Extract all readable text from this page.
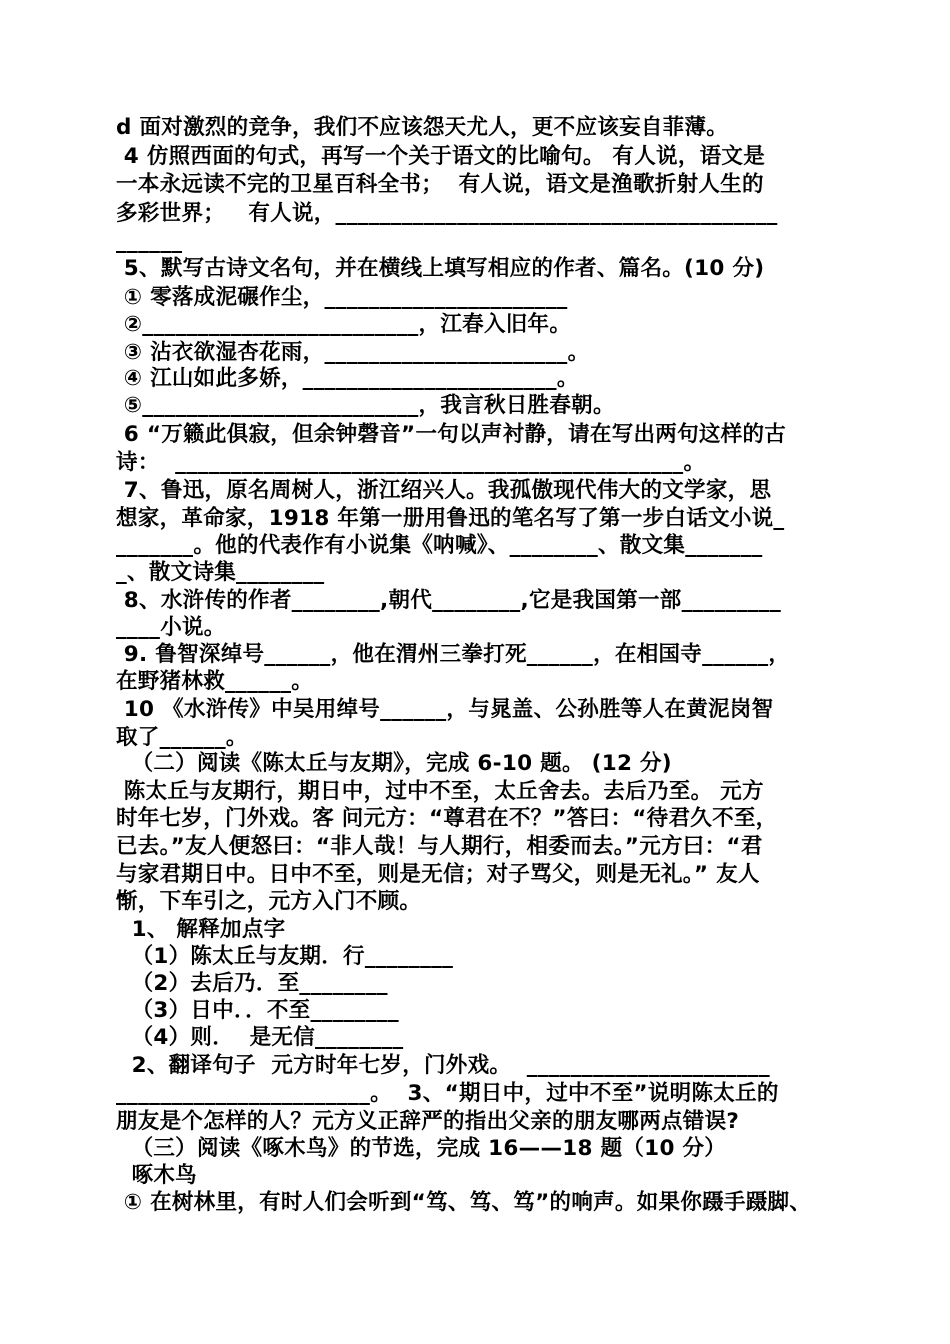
d 面对激烈的竞争，我们不应该怨天尤人，更不应该妄自菲薄。
4 仿照西面的句式，再写一个关于语文的比喻句。 有人说，语文是
一本永远读不完的卫星百科全书；  有人说，语文是渔歌折射人生的
多彩世界；   有人说，________________________________________
______
5、默写古诗文名句，并在横线上填写相应的作者、篇名。(10 分)
① 零落成泥碾作尘，______________________
②_________________________，江春入旧年。
③ 沾衣欲湿杏花雨，______________________。
④ 江山如此多娇，_______________________。
⑤_________________________，我言秋日胜春朝。
6 “万籁此俱寂，但余钟磬音”一句以声衬静，请在写出两句这样的古
诗：  ______________________________________________。
7、鲁迅，原名周树人，浙江绍兴人。我孤傲现代伟大的文学家，思
想家，革命家，1918 年第一册用鲁迅的笔名写了第一步白话文小说_
_______。他的代表作有小说集《呐喊》、________、散文集_______
_、散文诗集________
8、水浒传的作者________,朝代________,它是我国第一部_________
____小说。
9. 鲁智深绰号______，他在渭州三拳打死______，在相国寺______，
在野猪林救______。
10 《水浒传》中吴用绰号______，与晁盖、公孙胜等人在黄泥岗智
取了______。
（二）阅读《陈太丘与友期》，完成 6-10 题。 (12 分)
陈太丘与友期行，期日中，过中不至，太丘舍去。去后乃至。 元方
时年七岁，门外戏。客 问元方：“尊君在不？”答曰：“待君久不至，
已去。”友人便怒曰：“非人哉！与人期行，相委而去。”元方曰：“君
与家君期日中。日中不至，则是无信；对子骂父，则是无礼。” 友人
惭，下车引之，元方入门不顾。
1、 解释加点字
（1）陈太丘与友期．行________
（2）去后乃．至________
（3）日中．．不至________
（4）则．  是无信________
2、翻译句子  元方时年七岁，门外戏。  ______________________
_______________________。  3、“期日中，过中不至”说明陈太丘的
朋友是个怎样的人？元方义正辞严的指出父亲的朋友哪两点错误?
（三）阅读《啄木鸟》的节选，完成 16——18 题（10 分）
啄木鸟
① 在树林里，有时人们会听到“笃、笃、笃”的响声。如果你蹑手蹑脚、
